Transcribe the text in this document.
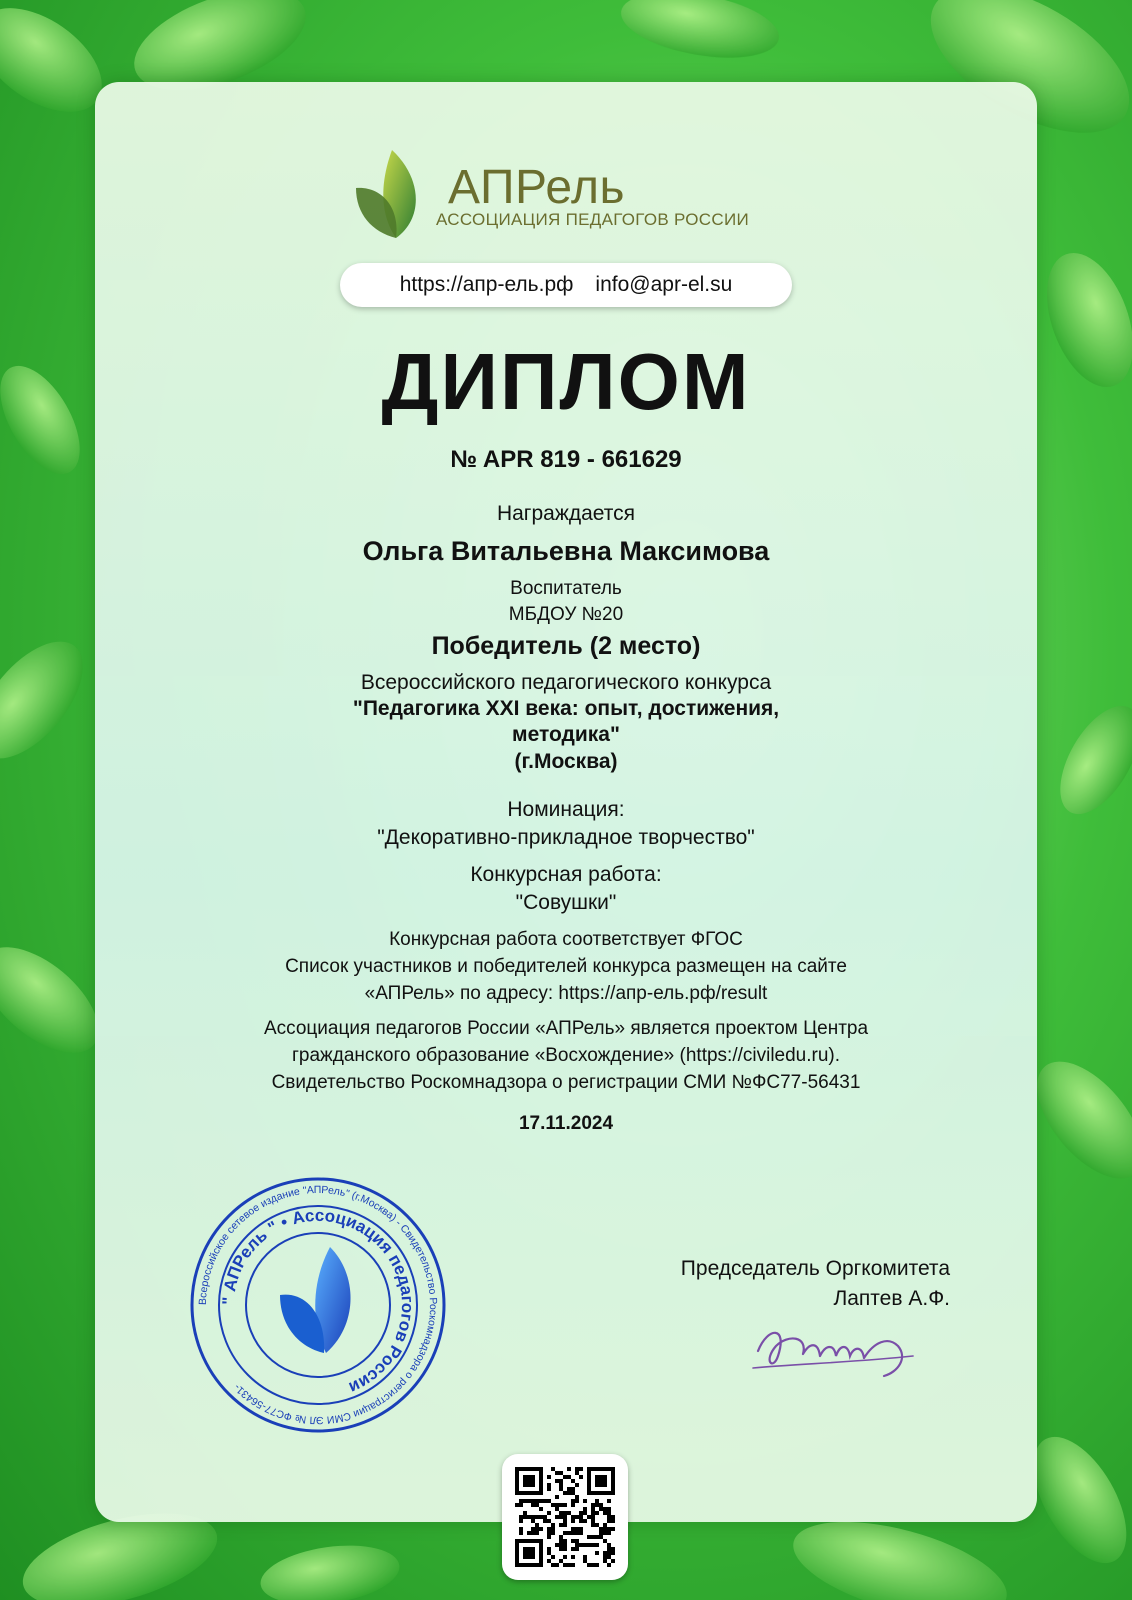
АПРель
АССОЦИАЦИЯ ПЕДАГОГОВ РОССИИ
https://апр-ель.рф info@apr-el.su
ДИПЛОМ
№ APR 819 - 661629
Награждается
Ольга Витальевна Максимова
Воспитатель
МБДОУ №20
Победитель (2 место)
Всероссийского педагогического конкурса
"Педагогика XXI века: опыт, достижения,
методика"
(г.Москва)
Номинация:
"Декоративно-прикладное творчество"
Конкурсная работа:
"Совушки"
Конкурсная работа соответствует ФГОС
Список участников и победителей конкурса размещен на сайте
«АПРель» по адресу: https://апр-ель.рф/result
Ассоциация педагогов России «АПРель» является проектом Центра
гражданского образование «Восхождение» (https://civiledu.ru).
Свидетельство Роскомнадзора о регистрации СМИ №ФС77-56431
17.11.2024
Всероссийское сетевое издание "АПРель" (г.Москва) - Свидетельство Роскомнадзора о регистрации СМИ ЭЛ № ФС77-56431-
" АПРель " • Ассоциация педагогов России
Председатель Оргкомитета
Лаптев А.Ф.
